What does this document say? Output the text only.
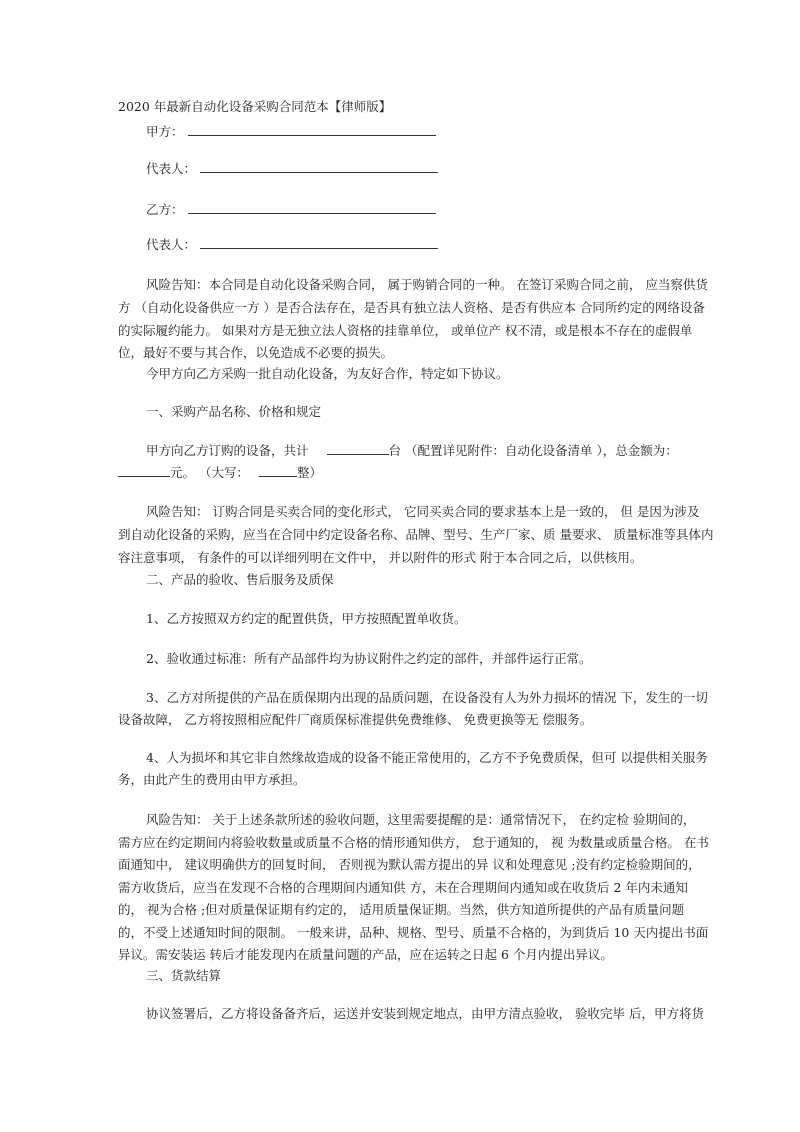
2020 年最新自动化设备采购合同范本【律师版】
甲方：
代表人：
乙方：
代表人：
风险告知：本合同是自动化设备采购合同， 属于购销合同的一种。 在签订采购合同之前， 应当察供货
方 （自动化设备供应一方 ）是否合法存在，是否具有独立法人资格、是否有供应本 合同所约定的网络设备
的实际履约能力。 如果对方是无独立法人资格的挂靠单位， 或单位产 权不清，或是根本不存在的虚假单
位，最好不要与其合作，以免造成不必要的损失。
今甲方向乙方采购一批自动化设备，为友好合作，特定如下协议。
一、采购产品名称、价格和规定
甲方向乙方订购的设备，共计	台 （配置详见附件：自动化设备清单 ），总金额为：
元。 （大写：	整）
风险告知： 订购合同是买卖合同的变化形式， 它同买卖合同的要求基本上是一致的， 但 是因为涉及
到自动化设备的采购，应当在合同中约定设备名称、品牌、型号、生产厂家、质 量要求、 质量标准等具体内
容注意事项， 有条件的可以详细列明在文件中， 并以附件的形式 附于本合同之后，以供核用。
二、产品的验收、售后服务及质保
1、乙方按照双方约定的配置供货，甲方按照配置单收货。
2、验收通过标准：所有产品部件均为协议附件之约定的部件，并部件运行正常。
3、乙方对所提供的产品在质保期内出现的品质问题，在设备没有人为外力损坏的情况 下，发生的一切
设备故障， 乙方将按照相应配件厂商质保标准提供免费维修、 免费更换等无 偿服务。
4、人为损坏和其它非自然缘故造成的设备不能正常使用的，乙方不予免费质保，但可 以提供相关服务
务，由此产生的费用由甲方承担。
风险告知： 关于上述条款所述的验收问题，这里需要提醒的是：通常情况下， 在约定检 验期间的，
需方应在约定期间内将验收数量或质量不合格的情形通知供方， 怠于通知的， 视 为数量或质量合格。 在书
面通知中， 建议明确供方的回复时间， 否则视为默认需方提出的异 议和处理意见 ;没有约定检验期间的，
需方收货后，应当在发现不合格的合理期间内通知供 方，未在合理期间内通知或在收货后 2 年内未通知
的， 视为合格 ;但对质量保证期有约定的， 适用质量保证期。当然，供方知道所提供的产品有质量问题
的，不受上述通知时间的限制。 一般来讲，品种、规格、型号、质量不合格的，为到货后 10 天内提出书面
异议。需安装运 转后才能发现内在质量问题的产品，应在运转之日起 6 个月内提出异议。
三、货款结算
协议签署后，乙方将设备备齐后，运送并安装到规定地点，由甲方清点验收， 验收完毕 后，甲方将货
